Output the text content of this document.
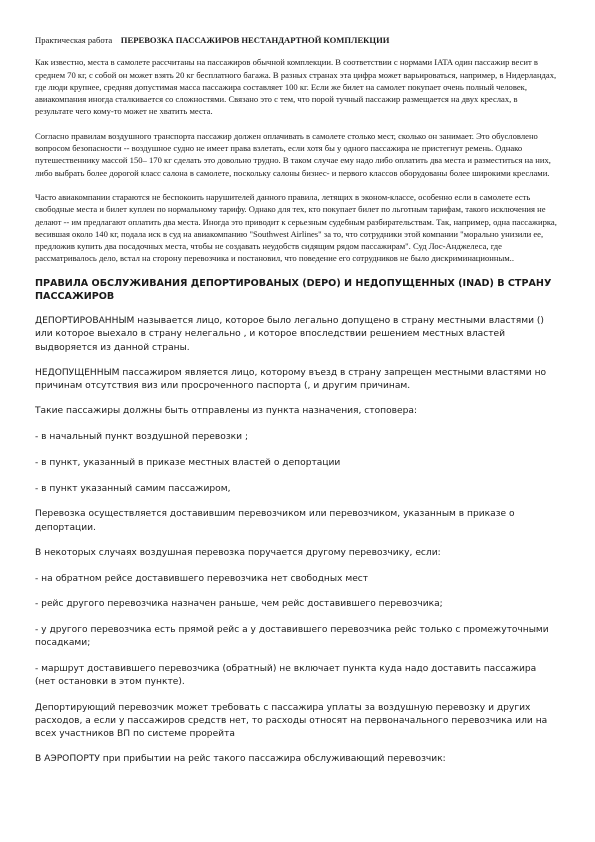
Практическая работа ПЕРЕВОЗКА ПАССАЖИРОВ НЕСТАНДАРТНОЙ КОМПЛЕКЦИИ

Как известно, места в самолете рассчитаны на пассажиров обычной комплекции. В соответствии с нормами IATA один пассажир весит в среднем 70 кг, с собой он может взять 20 кг бесплатного багажа. В разных странах эта цифра может варьироваться, например, в Нидерландах, где люди крупнее, средняя допустимая масса пассажира составляет 100 кг. Если же билет на самолет покупает очень полный человек, авиакомпания иногда сталкивается со сложностями. Связано это с тем, что порой тучный пассажир размещается на двух креслах, в результате чего кому-то может не хватить места.

Согласно правилам воздушного транспорта пассажир должен оплачивать в самолете столько мест, сколько он занимает. Это обусловлено вопросом безопасности -- воздушное судно не имеет права взлетать, если хотя бы у одного пассажира не пристегнут ремень. Однако путешественнику массой 150– 170 кг сделать это довольно трудно. В таком случае ему надо либо оплатить два места и разместиться на них, либо выбрать более дорогой класс салона в самолете, поскольку салоны бизнес- и первого классов оборудованы более широкими креслами.

Часто авиакомпании стараются не беспокоить нарушителей данного правила, летящих в эконом-классе, особенно если в самолете есть свободные места и билет куплен по нормальному тарифу. Однако для тех, кто покупает билет по льготным тарифам, такого исключения не делают -- им предлагают оплатить два места. Иногда это приводит к серьезным судебным разбирательствам. Так, например, одна пассажирка, весившая около 140 кг, подала иск в суд на авиакомпанию "Southwest Airlines" за то, что сотрудники этой компании "морально унизили ее, предложив купить два посадочных места, чтобы не создавать неудобств сидящим рядом пассажирам". Суд Лос-Анджелеса, где рассматривалось дело, встал на сторону перевозчика и постановил, что поведение его сотрудников не было дискриминационным..

ПРАВИЛА ОБСЛУЖИВАНИЯ ДЕПОРТИРОВАНЫХ (DEPO) И НЕДОПУЩЕННЫХ (INAD) В СТРАНУ ПАССАЖИРОВ

ДЕПОРТИРОВАННЫМ называется лицо, которое было легально допущено в страну местными властями () или которое выехало в страну нелегально , и которое впоследствии решением местных властей выдворяется из данной страны.

НЕДОПУЩЕННЫМ пассажиром является лицо, которому въезд в страну запрещен местными властями но причинам отсутствия виз или просроченного паспорта (, и другим причинам.

Такие пассажиры должны быть отправлены из пункта назначения, стоповера:

- в начальный пункт воздушной перевозки ;

- в пункт, указанный в приказе местных властей о депортации

- в пункт указанный самим пассажиром,

Перевозка осуществляется доставившим перевозчиком или перевозчиком, указанным в приказе о депортации.

В некоторых случаях воздушная перевозка поручается другому перевозчику, если:

- на обратном рейсе доставившего перевозчика нет свободных мест

- рейс другого перевозчика назначен раньше, чем рейс доставившего перевозчика;

- у другого перевозчика есть прямой рейс а у доставившего перевозчика рейс только с промежуточными посадками;

- маршрут доставившего перевозчика (обратный) не включает пункта куда надо доставить пассажира (нет остановки в этом пункте).

Депортирующий перевозчик может требовать с пассажира уплаты за воздушную перевозку и других расходов, а если у пассажиров средств нет, то расходы относят на первоначального перевозчика или на всех участников ВП по системе прорейта

В АЭРОПОРТУ при прибытии на рейс такого пассажира обслуживающий перевозчик:
